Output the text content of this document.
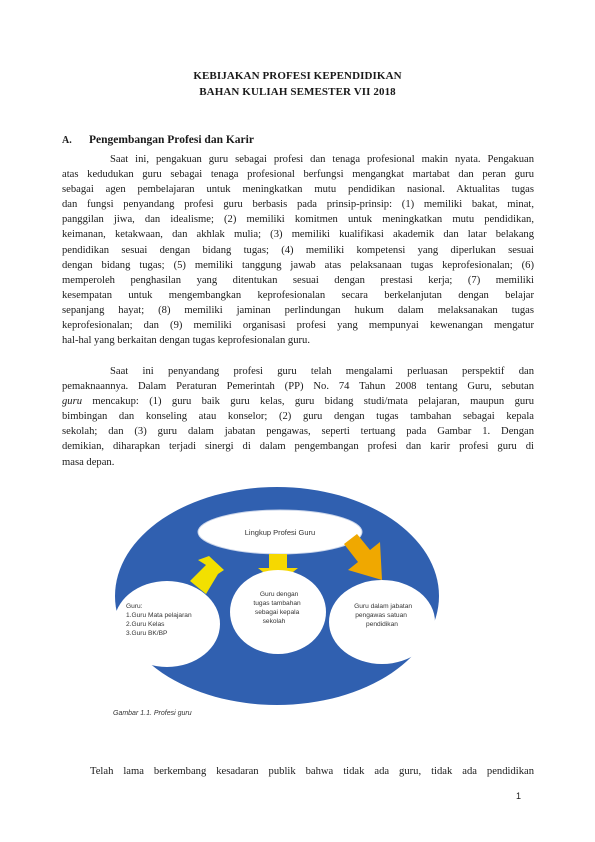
KEBIJAKAN PROFESI KEPENDIDIKAN
BAHAN KULIAH SEMESTER VII 2018
A. Pengembangan Profesi dan Karir
Saat ini, pengakuan guru sebagai profesi dan tenaga profesional makin nyata. Pengakuan
atas kedudukan guru sebagai tenaga profesional berfungsi mengangkat martabat dan peran guru
sebagai agen pembelajaran untuk meningkatkan mutu pendidikan nasional. Aktualitas tugas
dan fungsi penyandang profesi guru berbasis pada prinsip-prinsip: (1) memiliki bakat, minat,
panggilan jiwa, dan idealisme; (2) memiliki komitmen untuk meningkatkan mutu pendidikan,
keimanan, ketakwaan, dan akhlak mulia; (3) memiliki kualifikasi akademik dan latar belakang
pendidikan sesuai dengan bidang tugas; (4) memiliki kompetensi yang diperlukan sesuai
dengan bidang tugas; (5) memiliki tanggung jawab atas pelaksanaan tugas keprofesionalan; (6)
memperoleh penghasilan yang ditentukan sesuai dengan prestasi kerja; (7) memiliki
kesempatan untuk mengembangkan keprofesionalan secara berkelanjutan dengan belajar
sepanjang hayat; (8) memiliki jaminan perlindungan hukum dalam melaksanakan tugas
keprofesionalan; dan (9) memiliki organisasi profesi yang mempunyai kewenangan mengatur
hal-hal yang berkaitan dengan tugas keprofesionalan guru.
Saat ini penyandang profesi guru telah mengalami perluasan perspektif dan
pemaknaannya. Dalam Peraturan Pemerintah (PP) No. 74 Tahun 2008 tentang Guru, sebutan
guru mencakup: (1) guru baik guru kelas, guru bidang studi/mata pelajaran, maupun guru
bimbingan dan konseling atau konselor; (2) guru dengan tugas tambahan sebagai kepala
sekolah; dan (3) guru dalam jabatan pengawas, seperti tertuang pada Gambar 1. Dengan
demikian, diharapkan terjadi sinergi di dalam pengembangan profesi dan karir profesi guru di
masa depan.
Lingkup Profesi Guru
Guru: 1.Guru Mata pelajaran 2.Guru Kelas 3.Guru BK/BP
Guru dengan tugas tambahan sebagai kepala sekolah
Guru dalam jabatan pengawas satuan pendidikan
Gambar 1.1. Profesi guru
Telah lama berkembang kesadaran publik bahwa tidak ada guru, tidak ada pendidikan
1
